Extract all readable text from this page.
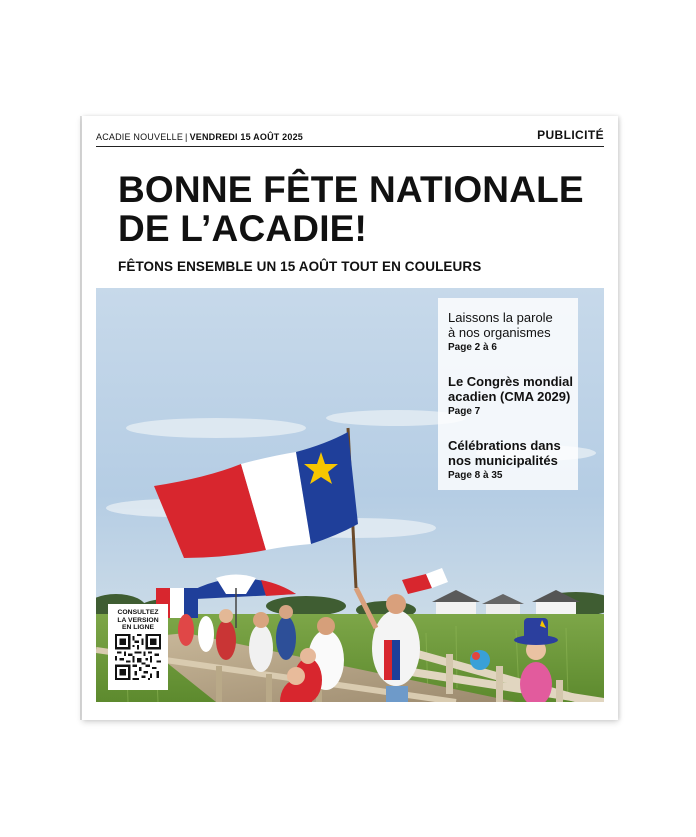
ACADIE NOUVELLE | VENDREDI 15 AOÛT 2025	PUBLICITÉ
BONNE FÊTE NATIONALE
DE L’ACADIE!
FÊTONS ENSEMBLE UN 15 AOÛT TOUT EN COULEURS
Laissons la parole
à nos organismes
Page 2 à 6
Le Congrès mondial
acadien (CMA 2029)
Page 7
Célébrations dans
nos municipalités
Page 8 à 35
CONSULTEZ
LA VERSION
EN LIGNE
